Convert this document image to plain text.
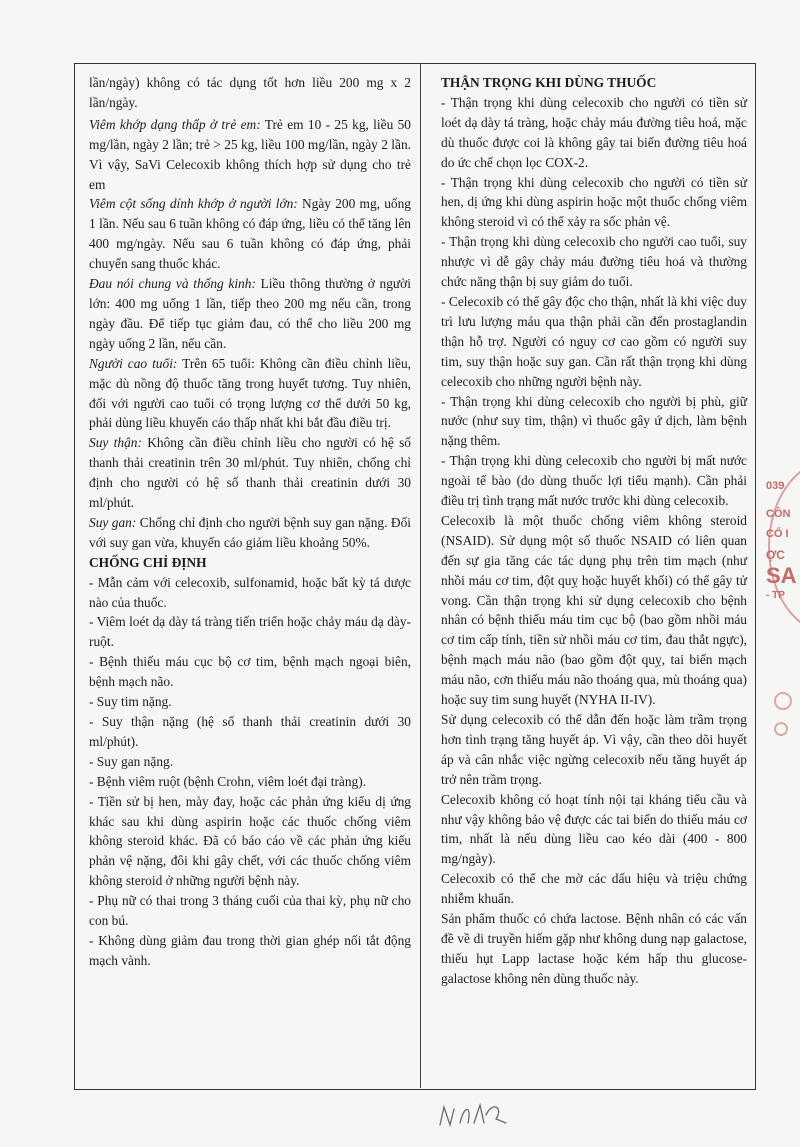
lần/ngày) không có tác dụng tốt hơn liều 200 mg x 2 lần/ngày.

Viêm khớp dạng thấp ở trẻ em: Trẻ em 10 - 25 kg, liều 50 mg/lần, ngày 2 lần; trẻ > 25 kg, liều 100 mg/lần, ngày 2 lần. Vì vậy, SaVi Celecoxib không thích hợp sử dụng cho trẻ em

Viêm cột sống dính khớp ở người lớn: Ngày 200 mg, uống 1 lần. Nếu sau 6 tuần không có đáp ứng, liều có thể tăng lên 400 mg/ngày. Nếu sau 6 tuần không có đáp ứng, phải chuyển sang thuốc khác.

Đau nói chung và thống kinh: Liều thông thường ở người lớn: 400 mg uống 1 lần, tiếp theo 200 mg nếu cần, trong ngày đầu. Để tiếp tục giảm đau, có thể cho liều 200 mg ngày uống 2 lần, nếu cần.

Người cao tuổi: Trên 65 tuổi: Không cần điều chỉnh liều, mặc dù nồng độ thuốc tăng trong huyết tương. Tuy nhiên, đối với người cao tuổi có trọng lượng cơ thể dưới 50 kg, phải dùng liều khuyến cáo thấp nhất khi bắt đầu điều trị.

Suy thận: Không cần điều chỉnh liều cho người có hệ số thanh thải creatinin trên 30 ml/phút. Tuy nhiên, chống chỉ định cho người có hệ số thanh thải creatinin dưới 30 ml/phút.

Suy gan: Chống chỉ định cho người bệnh suy gan nặng. Đối với suy gan vừa, khuyến cáo giảm liều khoảng 50%.

CHỐNG CHỈ ĐỊNH

- Mẫn cảm với celecoxib, sulfonamid, hoặc bất kỳ tá dược nào của thuốc.

- Viêm loét dạ dày tá tràng tiến triển hoặc chảy máu dạ dày-ruột.

- Bệnh thiếu máu cục bộ cơ tim, bệnh mạch ngoại biên, bệnh mạch não.

- Suy tim nặng.

- Suy thận nặng (hệ số thanh thải creatinin dưới 30 ml/phút).

- Suy gan nặng.

- Bệnh viêm ruột (bệnh Crohn, viêm loét đại tràng).

- Tiền sử bị hen, mày đay, hoặc các phản ứng kiểu dị ứng khác sau khi dùng aspirin hoặc các thuốc chống viêm không steroid khác. Đã có báo cáo về các phản ứng kiểu phản vệ nặng, đôi khi gây chết, với các thuốc chống viêm không steroid ở những người bệnh này.

- Phụ nữ có thai trong 3 tháng cuối của thai kỳ, phụ nữ cho con bú.

- Không dùng giảm đau trong thời gian ghép nối tắt động mạch vành.

THẬN TRỌNG KHI DÙNG THUỐC

- Thận trọng khi dùng celecoxib cho người có tiền sử loét dạ dày tá tràng, hoặc chảy máu đường tiêu hoá, mặc dù thuốc được coi là không gây tai biến đường tiêu hoá do ức chế chọn lọc COX-2.

- Thận trọng khi dùng celecoxib cho người có tiền sử hen, dị ứng khi dùng aspirin hoặc một thuốc chống viêm không steroid vì có thể xảy ra sốc phản vệ.

- Thận trọng khi dùng celecoxib cho người cao tuổi, suy nhược vì dễ gây chảy máu đường tiêu hoá và thường chức năng thận bị suy giảm do tuổi.

- Celecoxib có thể gây độc cho thận, nhất là khi việc duy trì lưu lượng máu qua thận phải cần đến prostaglandin thận hỗ trợ. Người có nguy cơ cao gồm có người suy tim, suy thận hoặc suy gan. Cần rất thận trọng khi dùng celecoxib cho những người bệnh này.

- Thận trọng khi dùng celecoxib cho người bị phù, giữ nước (như suy tim, thận) vì thuốc gây ứ dịch, làm bệnh nặng thêm.

- Thận trọng khi dùng celecoxib cho người bị mất nước ngoài tế bào (do dùng thuốc lợi tiểu mạnh). Cần phải điều trị tình trạng mất nước trước khi dùng celecoxib.

Celecoxib là một thuốc chống viêm không steroid (NSAID). Sử dụng một số thuốc NSAID có liên quan đến sự gia tăng các tác dụng phụ trên tim mạch (như nhồi máu cơ tim, đột quỵ hoặc huyết khối) có thể gây tử vong. Cần thận trọng khi sử dụng celecoxib cho bệnh nhân có bệnh thiếu máu tim cục bộ (bao gồm nhồi máu cơ tim cấp tính, tiền sử nhồi máu cơ tim, đau thắt ngực), bệnh mạch máu não (bao gồm đột quỵ, tai biến mạch máu não, cơn thiếu máu não thoáng qua, mù thoáng qua) hoặc suy tim sung huyết (NYHA II-IV).

Sử dụng celecoxib có thể dẫn đến hoặc làm trầm trọng hơn tình trạng tăng huyết áp. Vì vậy, cần theo dõi huyết áp và cân nhắc việc ngừng celecoxib nếu tăng huyết áp trở nên trầm trọng.

Celecoxib không có hoạt tính nội tại kháng tiểu cầu và như vậy không bảo vệ được các tai biến do thiếu máu cơ tim, nhất là nếu dùng liều cao kéo dài (400 - 800 mg/ngày).

Celecoxib có thể che mờ các dấu hiệu và triệu chứng nhiễm khuẩn.

Sản phẩm thuốc có chứa lactose. Bệnh nhân có các vấn đề về di truyền hiếm gặp như không dung nạp galactose, thiếu hụt Lapp lactase hoặc kém hấp thu glucose-galactose không nên dùng thuốc này.

039
CÔN
CỔ I
ỢC
SA
- TP
